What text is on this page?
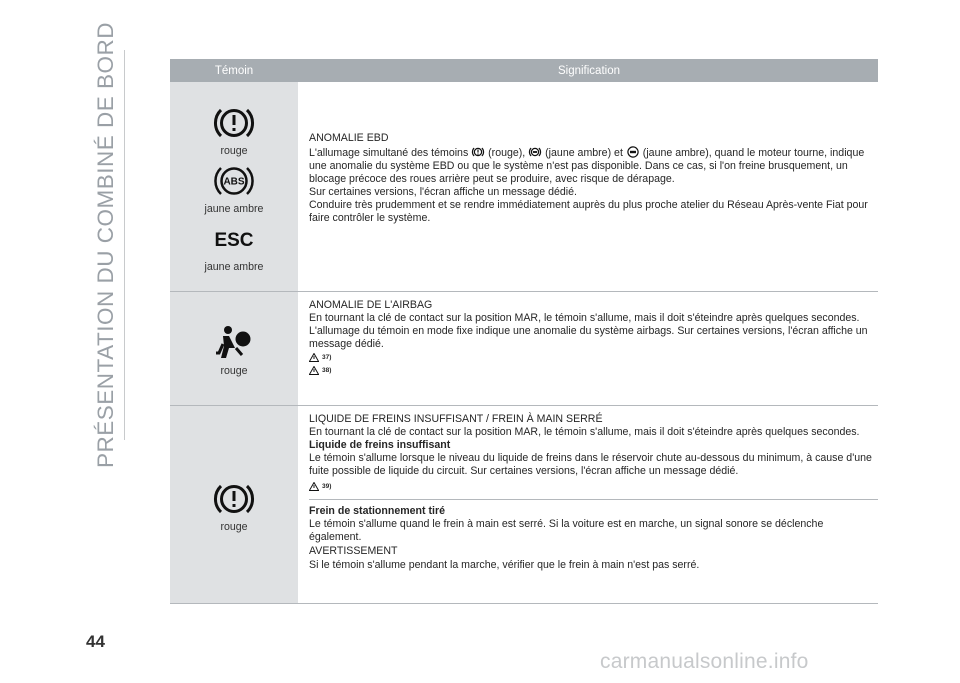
PRÉSENTATION DU COMBINÉ DE BORD	Témoin	Signification
rouge
ABS
jaune ambre
ESC
jaune ambre

ANOMALIE EBD

L'allumage simultané des témoins (rouge), (jaune ambre) et (jaune ambre), quand le moteur tourne, indique une anomalie du système EBD ou que le système n'est pas disponible. Dans ce cas, si l'on freine brusquement, un blocage précoce des roues arrière peut se produire, avec risque de dérapage.

Sur certaines versions, l'écran affiche un message dédié.

Conduire très prudemment et se rendre immédiatement auprès du plus proche atelier du Réseau Après-vente Fiat pour faire contrôler le système.

rouge

ANOMALIE DE L'AIRBAG

En tournant la clé de contact sur la position MAR, le témoin s'allume, mais il doit s'éteindre après quelques secondes.

L'allumage du témoin en mode fixe indique une anomalie du système airbags. Sur certaines versions, l'écran affiche un message dédié.

37)
38)
rouge

LIQUIDE DE FREINS INSUFFISANT / FREIN À MAIN SERRÉ

En tournant la clé de contact sur la position MAR, le témoin s'allume, mais il doit s'éteindre après quelques secondes.

Liquide de freins insuffisant

Le témoin s'allume lorsque le niveau du liquide de freins dans le réservoir chute au-dessous du minimum, à cause d'une fuite possible de liquide du circuit. Sur certaines versions, l'écran affiche un message dédié.

39)

Frein de stationnement tiré

Le témoin s'allume quand le frein à main est serré. Si la voiture est en marche, un signal sonore se déclenche également.

AVERTISSEMENT

Si le témoin s'allume pendant la marche, vérifier que le frein à main n'est pas serré.

44
carmanualsonline.info
